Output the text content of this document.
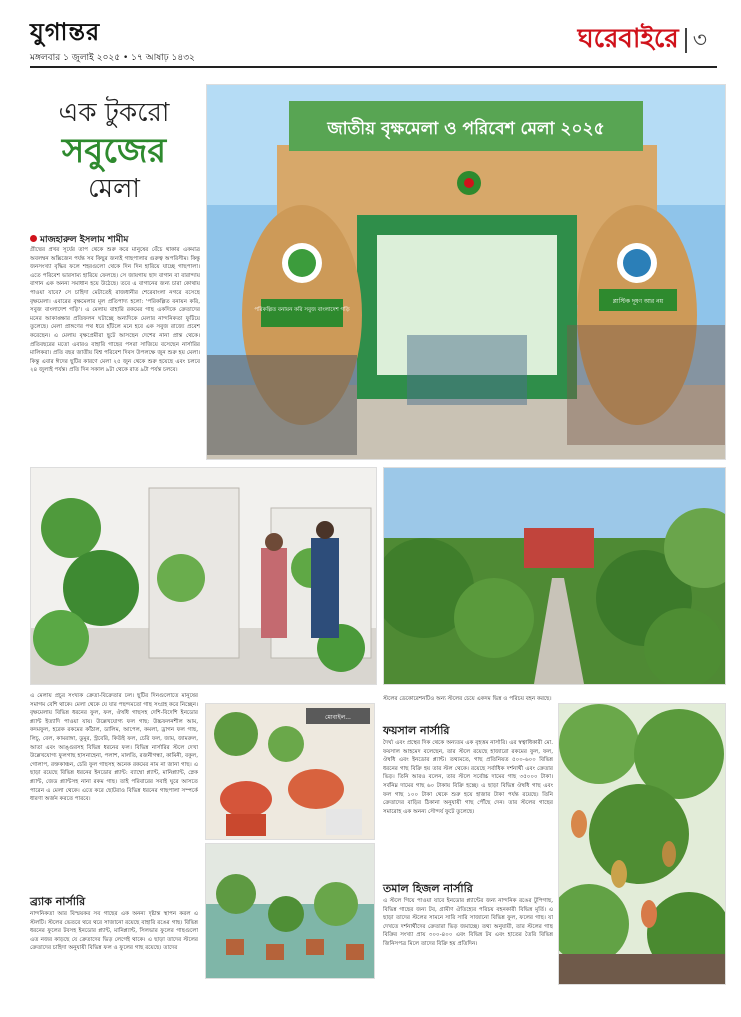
যুগান্তর
মঙ্গলবার ১ জুলাই ২০২৫ • ১৭ আষাঢ় ১৪৩২
ঘরেবাইরে ৩
এক টুকরো
সবুজের
মেলা
মাজহারুল ইসলাম শামীম
গ্রীষ্মের প্রখর সূর্যের তাপ থেকে শুরু করে মানুষের বেঁচে থাকার একমাত্র অবলম্বন অক্সিজেন পর্যন্ত সব কিছুর জন্যই গাছপালার গুরুত্ব অপরিসীম। কিন্তু জনসংখ্যা বৃদ্ধির ফলে শহরগুলো থেকে দিন দিন হারিয়ে যাচ্ছে গাছপালা। এতে পরিবেশ ভারসাম্য হারিয়ে ফেলছে। সে জায়গায় ছাদ বাগান বা বারান্দায় বাগান এক অনন্য সমাধান হয়ে উঠেছে। তবে এ বাগানের জন্য চারা কোথায় পাওয়া যাবে? সে চাহিদা মেটাতেই রাজধানীর শেরেবাংলা নগরে বসেছে বৃক্ষমেলা। এবারের বৃক্ষমেলার মূল প্রতিপাদ্য হলো: 'পরিকল্পিত বনায়ন করি, সবুজ বাংলাদেশ গড়ি'। এ মেলায় বাহারি রকমের গাছ একদিকে ক্রেতাদের মনের আকাঙ্ক্ষার প্রতিফলন ঘটাচ্ছে অন্যদিকে মেলার নান্দনিকতা ফুটিয়ে তুলেছে। মেলা প্রাঙ্গণের পথ ধরে হাঁটলে মনে হবে এক সবুজ রাজ্যে প্রবেশ করেছেন। এ মেলায় বৃক্ষপ্রেমীরা ছুটে আসছেন দেশের নানা প্রান্ত থেকে। প্রতিবছরের মতো এবারও বাহারি গাছের পসরা সাজিয়ে বসেছেন নার্সারির মালিকরা। প্রতি বছর জাতীয় বিশ্ব পরিবেশ দিবস উপলক্ষে জুন শুরু হয় মেলা। কিন্তু এবার ঈদের ছুটির কারণে মেলা ২৫ জুন থেকে শুরু হয়েছে এবং চলবে ২৪ জুলাই পর্যন্ত। প্রতি দিন সকাল ৯টা থেকে রাত ৯টা পর্যন্ত চলবে।
জাতীয় বৃক্ষমেলা ও পরিবেশ মেলা ২০২৫
পরিকল্পিত বনায়ন করি সবুজ বাংলাদেশ গড়ি
প্লাস্টিক দূষণ আর নয়
এ মেলায় প্রচুর সংখ্যক ক্রেতা-বিক্রেতার ঢল। ছুটির দিনগুলোতে মানুষের সমাগম বেশি থাকে। মেলা থেকে যে যার পছন্দমতো গাছ সংগ্রহ করে নিচ্ছেন। বৃক্ষমেলায় বিভিন্ন ধরনের ফুল, ফল, ঔষধি গাছসহ দেশি-বিদেশি ইনডোর প্ল্যান্ট ইত্যাদি পাওয়া যায়। উল্লেখযোগ্য ফল গাছ: উচ্চফলনশীল আম, কদমফুল, হরেক রকমের কাঁঠাল, ডালিম, আপেল, কমলা, ড্রাগন ফল গাছ, লিচু, বেল, কামরাঙ্গা, ডুমুর, স্ট্রবেরি, কিউই ফল, চেরি ফল, জাম, জামরুল, আতা এবং আঙ্গুরসহ বিভিন্ন ধরনের ফল। বিভিন্ন নার্সারির স্টলে দেখা উল্লেখযোগ্য ফুলগাছ হাসনাহেনা, পলাশ, মালতি, রজনীগন্ধা, কামিনী, বকুল, গোলাপ, রক্তকাঞ্চন, চেরি ফুল গাছসহ অনেক রকমের নাম না জানা গাছ। এ ছাড়া রয়েছে বিভিন্ন ধরনের ইনডোর প্ল্যান্ট: ব্যাম্বো প্ল্যান্ট, মানিপ্ল্যান্ট, স্নেক প্ল্যান্ট, জেড প্ল্যান্টসহ নানা রকম গাছ। তাই পরিবারের সবাই ঘুরে আসতে পারেন এ মেলা থেকে। এতে করে ছোটরাও বিভিন্ন ধরনের গাছপালা সম্পর্কে ধারণা অর্জন করতে পারবে।
ব্র্যাক নার্সারি
নান্দনিকতা আর বিস্ময়কর সব গাছের এক অনন্য দৃষ্টান্ত স্থাপন করল এ স্টলটি। স্টলের ভেতরে থরে থরে সাজানো রয়েছে বাহারি রঙের গাছ। বিভিন্ন ধরনের ফুলের টবসহ ইনডোর প্ল্যান্ট, মানিপ্ল্যান্ট, সিলভার ফুলের গাছগুলো এত নজর কাড়ছে যে ক্রেতাদের ভিড় লেগেই থাকে। এ ছাড়া তাদের স্টলের ক্রেতাদের চাহিদা অনুযায়ী বিভিন্ন ফল ও ফুলের গাছ রয়েছে। তাদের
মোবাইল...
স্টলের ডেকোরেশনটিও অন্য স্টলের চেয়ে একদম ভিন্ন ও পরিচয় বহন করছে।
ফয়সাল নার্সারি
দৈর্ঘ্য এবং প্রস্থের দিক থেকে অন্যতম এক বৃহত্তম নার্সারি। এর স্বত্বাধিকারী মো. ফয়সাল আহমেদ বলেছেন, তার স্টলে রয়েছে হাজারো রকমের ফুল, ফল, ঔষধি এবং ইনডোর প্ল্যান্ট। তথ্যমতে, গাছ প্রতিনিয়ত ৫০০-৬০০ বিভিন্ন ধরনের গাছ বিক্রি হয় তার স্টল থেকে। রয়েছে সর্বাধিক দর্শনার্থী এবং ক্রেতার ভিড়। তিনি আরও বলেন, তার স্টলে সর্বোচ্চ দামের গাছ ৩৫০০০ টাকা। সর্বনিম্ন দামের গাছ ৬০ টাকায় বিক্রি হচ্ছে। এ ছাড়া বিভিন্ন ঔষধি গাছ এবং ফল গাছ ১০০ টাকা থেকে শুরু হয়ে হাজার টাকা পর্যন্ত রয়েছে। তিনি ক্রেতাদের বাড়ির ঠিকানা অনুযায়ী গাছ পৌঁছে দেন। তার স্টলের গাছের সমারোহ এক অনন্য সৌন্দর্য ফুটে তুলেছে।
তমাল হিজল নার্সারি
এ স্টলে গিয়ে পাওয়া যাবে ইনডোর প্ল্যান্টের জন্য নান্দনিক রঙের টুপিগাছ, বিভিন্ন গাছের জন্য টব, গ্রামীণ ঐতিহ্যের পরিচয় বহনকারী বিভিন্ন মূর্তি। এ ছাড়া তাদের স্টলের সামনে সারি সারি সাজানো বিভিন্ন ফুল, ফলের গাছ। যা দেখতে দর্শনার্থীদের ক্রেতারা ভিড় জমাচ্ছে। তথ্য অনুযায়ী, তার স্টলের গাছ বিক্রির সংখ্যা প্রায় ৩০০-৪০০ এবং বিভিন্ন টব এবং হাতের তৈরি বিভিন্ন জিনিসপত্র মিলে তাদের বিক্রি হয় প্রতিদিন।
